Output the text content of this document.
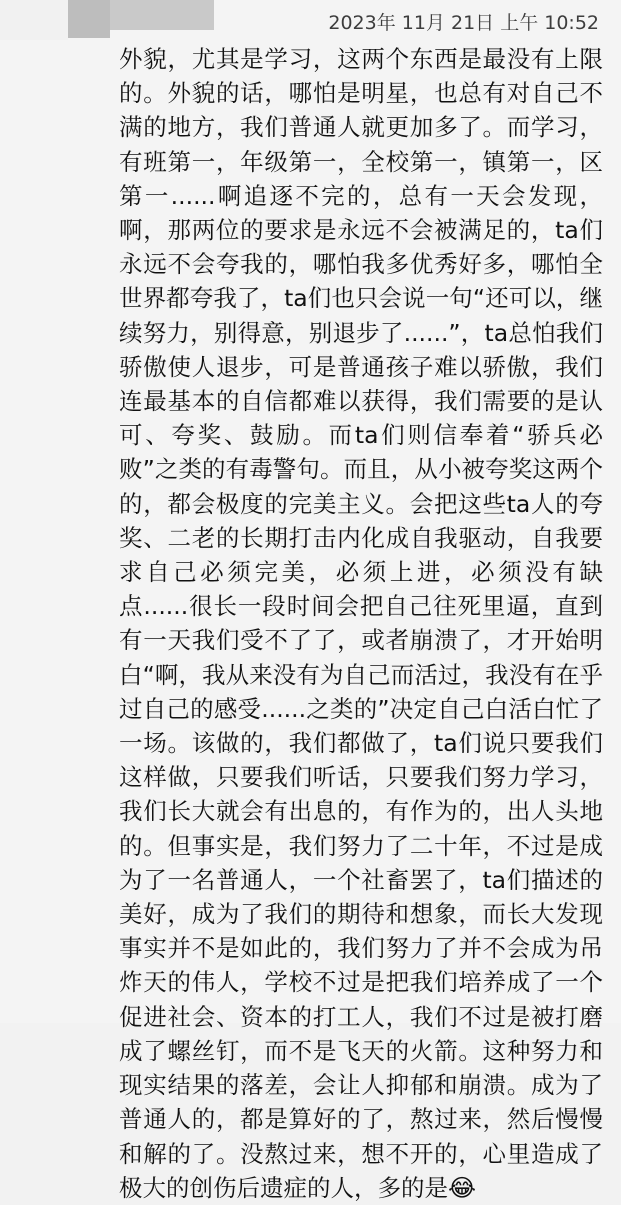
2023年 11月 21日 上午 10:52
外貌，尤其是学习，这两个东西是最没有上限的。外貌的话，哪怕是明星，也总有对自己不满的地方，我们普通人就更加多了。而学习，有班第一，年级第一，全校第一，镇第一，区第一......啊追逐不完的，总有一天会发现，啊，那两位的要求是永远不会被满足的，ta们永远不会夸我的，哪怕我多优秀好多，哪怕全世界都夸我了，ta们也只会说一句“还可以，继续努力，别得意，别退步了......”，ta总怕我们骄傲使人退步，可是普通孩子难以骄傲，我们连最基本的自信都难以获得，我们需要的是认可、夸奖、鼓励。而ta们则信奉着“骄兵必败”之类的有毒警句。而且，从小被夸奖这两个的，都会极度的完美主义。会把这些ta人的夸奖、二老的长期打击内化成自我驱动，自我要求自己必须完美，必须上进，必须没有缺点......很长一段时间会把自己往死里逼，直到有一天我们受不了了，或者崩溃了，才开始明白“啊，我从来没有为自己而活过，我没有在乎过自己的感受......之类的”决定自己白活白忙了一场。该做的，我们都做了，ta们说只要我们这样做，只要我们听话，只要我们努力学习，我们长大就会有出息的，有作为的，出人头地的。但事实是，我们努力了二十年，不过是成为了一名普通人，一个社畜罢了，ta们描述的美好，成为了我们的期待和想象，而长大发现事实并不是如此的，我们努力了并不会成为吊炸天的伟人，学校不过是把我们培养成了一个促进社会、资本的打工人，我们不过是被打磨成了螺丝钉，而不是飞天的火箭。这种努力和现实结果的落差，会让人抑郁和崩溃。成为了普通人的，都是算好的了，熬过来，然后慢慢和解的了。没熬过来，想不开的，心里造成了极大的创伤后遗症的人，多的是😂
